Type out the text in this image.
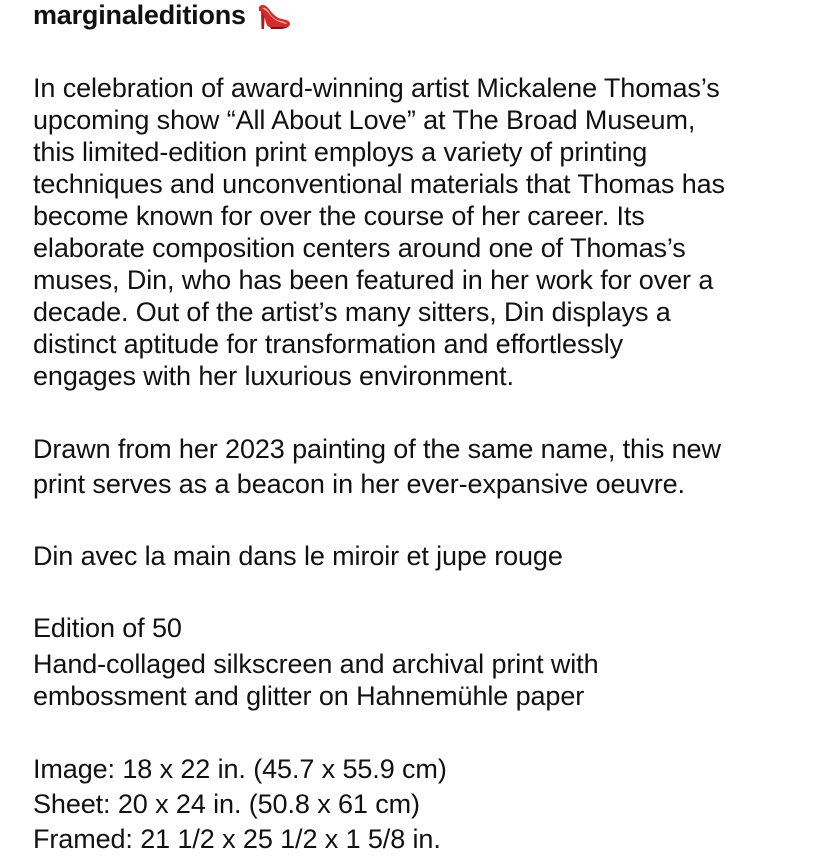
marginaleditions

In celebration of award-winning artist Mickalene Thomas’s
upcoming show “All About Love” at The Broad Museum,
this limited-edition print employs a variety of printing
techniques and unconventional materials that Thomas has
become known for over the course of her career. Its
elaborate composition centers around one of Thomas’s
muses, Din, who has been featured in her work for over a
decade. Out of the artist’s many sitters, Din displays a
distinct aptitude for transformation and effortlessly
engages with her luxurious environment.

Drawn from her 2023 painting of the same name, this new
print serves as a beacon in her ever-expansive oeuvre.

Din avec la main dans le miroir et jupe rouge

Edition of 50

Hand-collaged silkscreen and archival print with
embossment and glitter on Hahnemühle paper

Image: 18 x 22 in. (45.7 x 55.9 cm)
Sheet: 20 x 24 in. (50.8 x 61 cm)
Framed: 21 1/2 x 25 1/2 x 1 5/8 in.
